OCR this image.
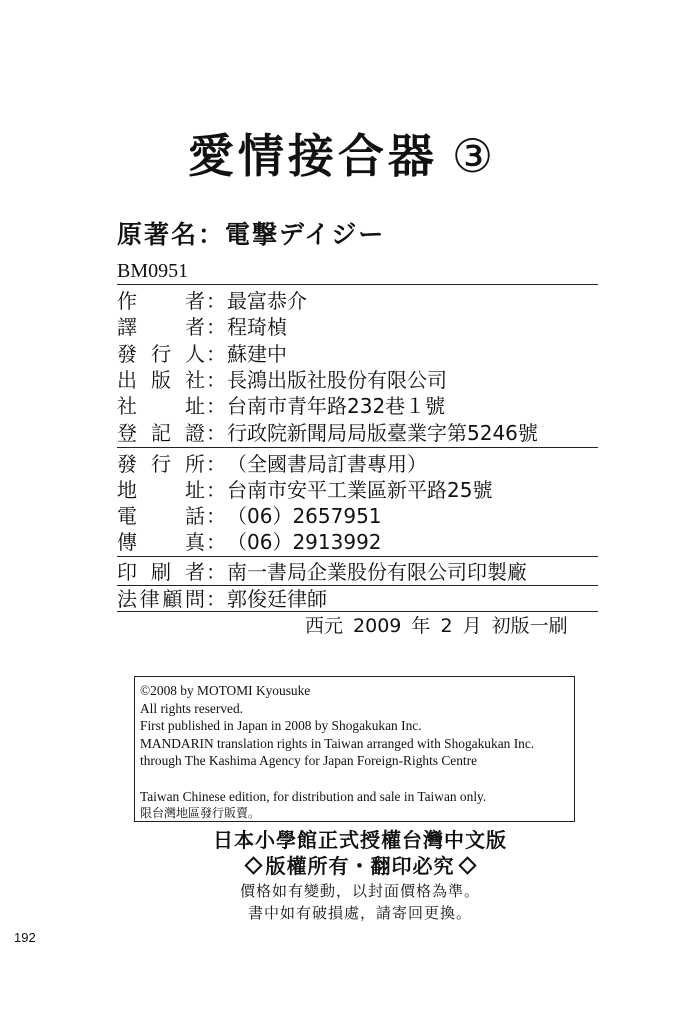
愛情接合器 ③
原著名：電撃デイジー
BM0951
作 者 ： 最富恭介
譯 者 ： 程琦楨
發 行 人 ： 蘇建中
出 版 社 ： 長鴻出版社股份有限公司
社 址 ： 台南市青年路232巷１號
登 記 證 ： 行政院新聞局局版臺業字第5246號
發 行 所 ： （全國書局訂書專用）
地 址 ： 台南市安平工業區新平路25號
電 話 ： （06）2657951
傳 真 ： （06）2913992
印 刷 者 ： 南一書局企業股份有限公司印製廠
法 律 顧 問 ： 郭俊廷律師
西元 2009 年 2 月 初版一刷
©2008 by MOTOMI Kyousuke
All rights reserved.
First published in Japan in 2008 by Shogakukan Inc.
MANDARIN translation rights in Taiwan arranged with Shogakukan Inc.
through The Kashima Agency for Japan Foreign-Rights Centre
Taiwan Chinese edition, for distribution and sale in Taiwan only.
限台灣地區發行販賣。
日本小學館正式授權台灣中文版
版權所有・翻印必究
價格如有變動，以封面價格為準。
書中如有破損處，請寄回更換。
192
